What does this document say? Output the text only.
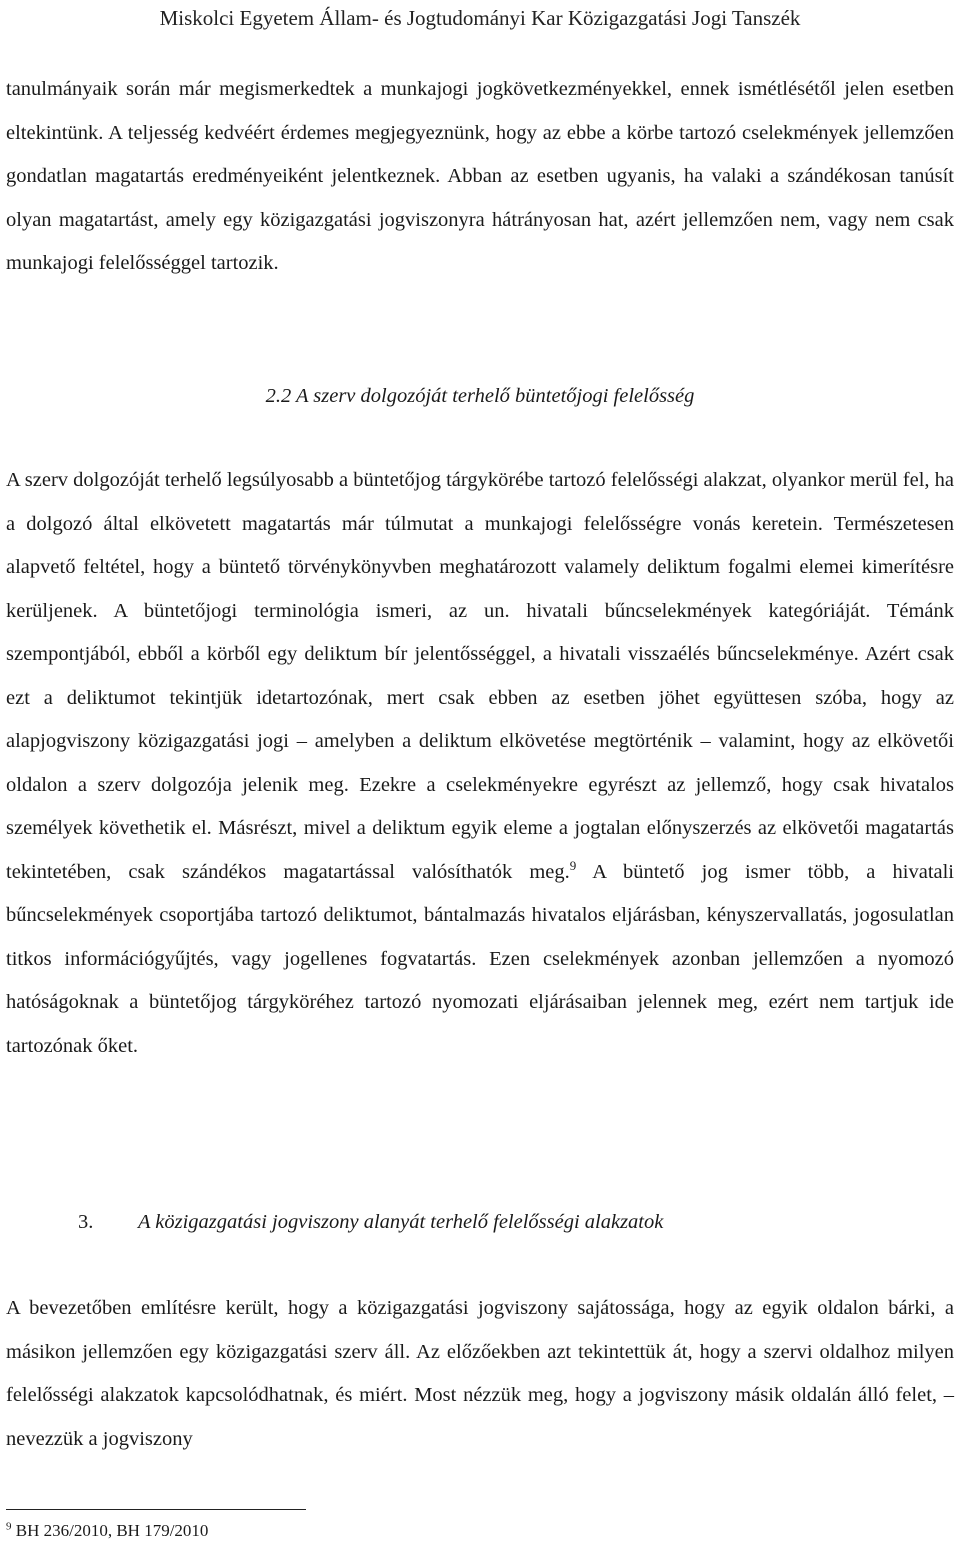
Miskolci Egyetem Állam- és Jogtudományi Kar Közigazgatási Jogi Tanszék

tanulmányaik során már megismerkedtek a munkajogi jogkövetkezményekkel, ennek ismétlésétől jelen esetben eltekintünk. A teljesség kedvéért érdemes megjegyeznünk, hogy az ebbe a körbe tartozó cselekmények jellemzően gondatlan magatartás eredményeiként jelentkeznek. Abban az esetben ugyanis, ha valaki a szándékosan tanúsít olyan magatartást, amely egy közigazgatási jogviszonyra hátrányosan hat, azért jellemzően nem, vagy nem csak munkajogi felelősséggel tartozik.

2.2 A szerv dolgozóját terhelő büntetőjogi felelősség

A szerv dolgozóját terhelő legsúlyosabb a büntetőjog tárgykörébe tartozó felelősségi alakzat, olyankor merül fel, ha a dolgozó által elkövetett magatartás már túlmutat a munkajogi felelősségre vonás keretein. Természetesen alapvető feltétel, hogy a büntető törvénykönyvben meghatározott valamely deliktum fogalmi elemei kimerítésre kerüljenek. A büntetőjogi terminológia ismeri, az un. hivatali bűncselekmények kategóriáját. Témánk szempontjából, ebből a körből egy deliktum bír jelentősséggel, a hivatali visszaélés bűncselekménye. Azért csak ezt a deliktumot tekintjük idetartozónak, mert csak ebben az esetben jöhet együttesen szóba, hogy az alapjogviszony közigazgatási jogi – amelyben a deliktum elkövetése megtörténik – valamint, hogy az elkövetői oldalon a szerv dolgozója jelenik meg. Ezekre a cselekményekre egyrészt az jellemző, hogy csak hivatalos személyek követhetik el. Másrészt, mivel a deliktum egyik eleme a jogtalan előnyszerzés az elkövetői magatartás tekintetében, csak szándékos magatartással valósíthatók meg.$^9$ A büntető jog ismer több, a hivatali bűncselekmények csoportjába tartozó deliktumot, bántalmazás hivatalos eljárásban, kényszervallatás, jogosulatlan titkos információgyűjtés, vagy jogellenes fogvatartás. Ezen cselekmények azonban jellemzően a nyomozó hatóságoknak a büntetőjog tárgyköréhez tartozó nyomozati eljárásaiban jelennek meg, ezért nem tartjuk ide tartozónak őket.

3. A közigazgatási jogviszony alanyát terhelő felelősségi alakzatok

A bevezetőben említésre került, hogy a közigazgatási jogviszony sajátossága, hogy az egyik oldalon bárki, a másikon jellemzően egy közigazgatási szerv áll. Az előzőekben azt tekintettük át, hogy a szervi oldalhoz milyen felelősségi alakzatok kapcsolódhatnak, és miért. Most nézzük meg, hogy a jogviszony másik oldalán álló felet, – nevezzük a jogviszony

$^9$ BH 236/2010, BH 179/2010
